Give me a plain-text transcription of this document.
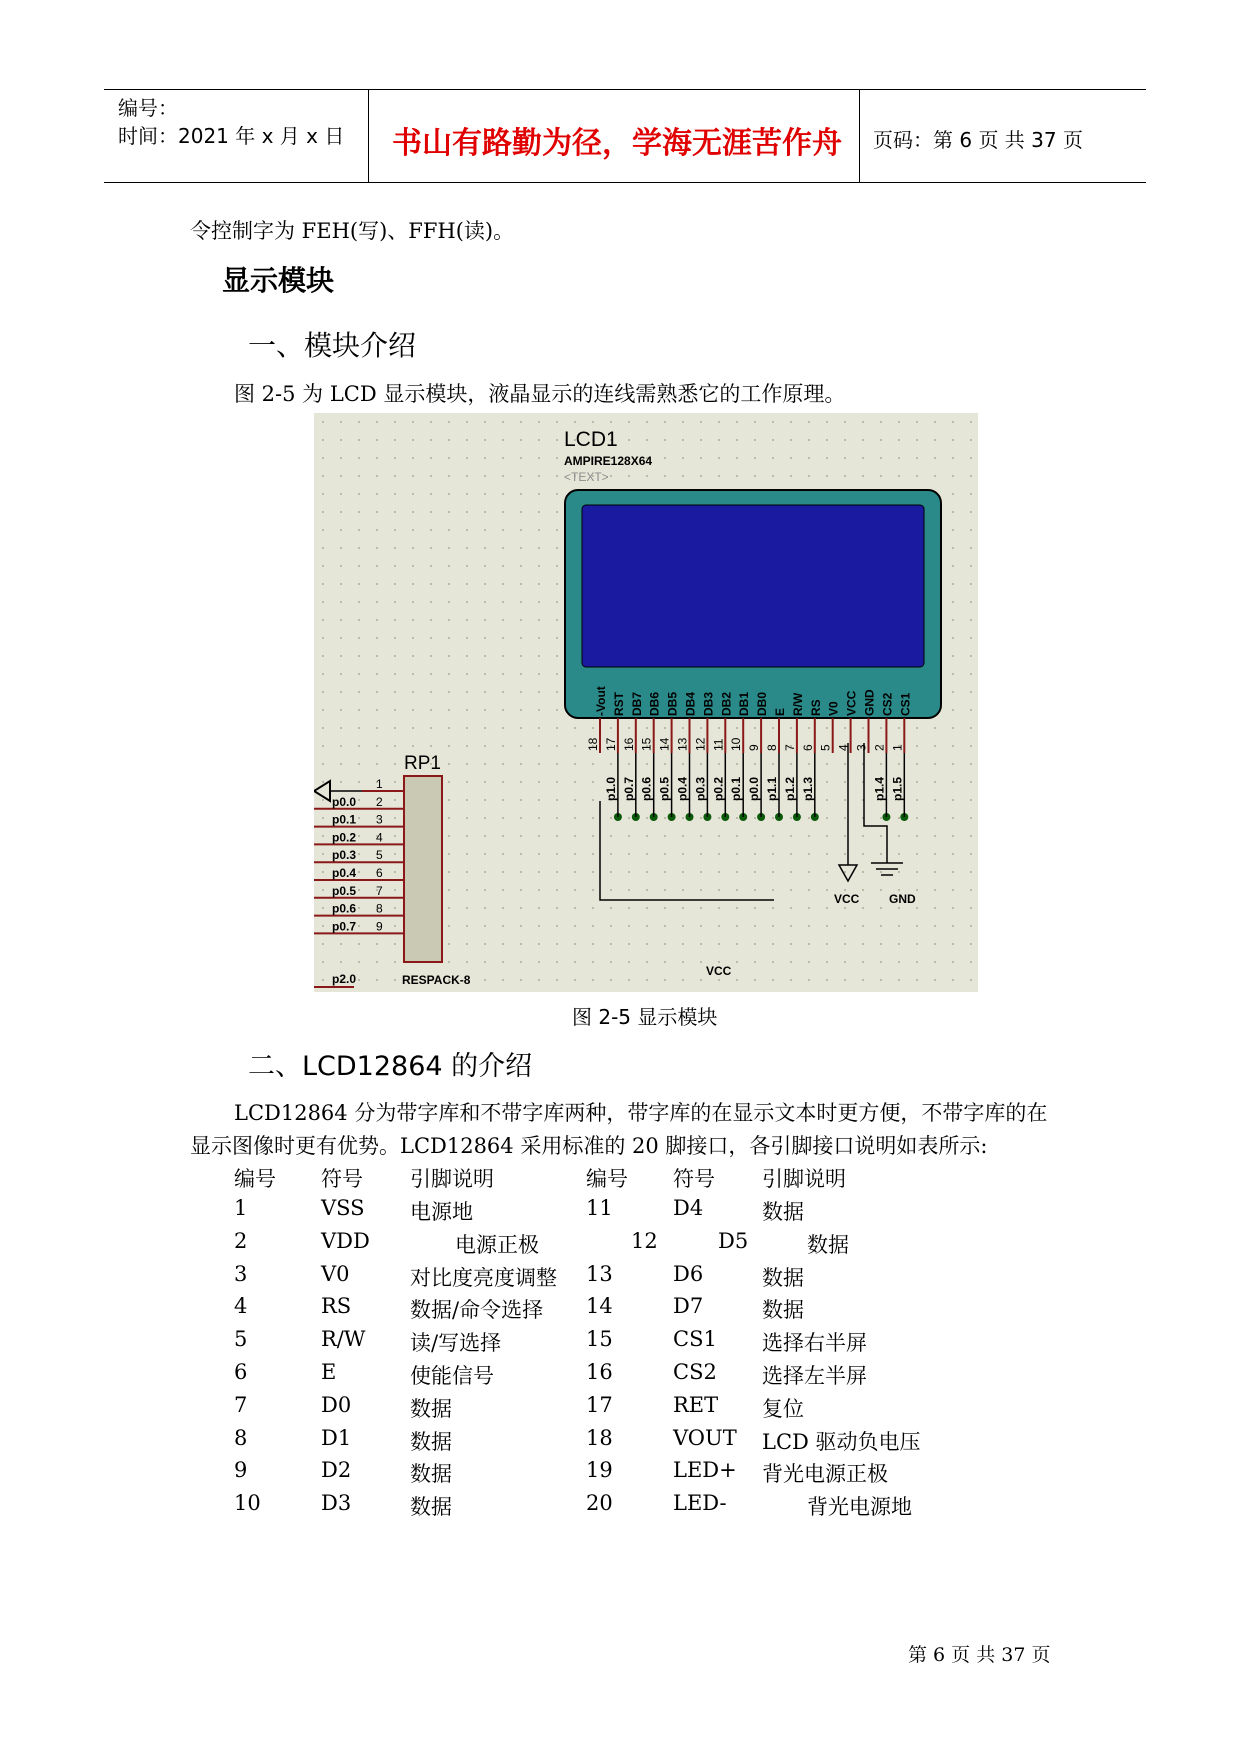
编号：
时间：2021 年 x 月 x 日 书山有路勤为径，学海无涯苦作舟 页码：第 6 页 共 37 页
令控制字为 FEH(写)、FFH(读)。
显示模块
一、模块介绍
图 2-5 为 LCD 显示模块，液晶显示的连线需熟悉它的工作原理。
LCD1
AMPIRE128X64
<TEXT>
-Vout RST DB7 DB6 DB5 DB4 DB3 DB2 DB1 DB0 E R/W RS V0 VCC GND CS2 CS1
18 17
p1.0
16
p0.7
15
p0.6
14
p0.5
13
p0.4
12
p0.3
11
p0.2
10
p0.1
9
p0.0
8
p1.1
7
p1.2
6
p1.3
5 4 3 2
p1.4
1
p1.5
VCC GND
RP1
RESPACK-8
1
2
p0.0
3
p0.1
4
p0.2
5
p0.3
6
p0.4
7
p0.5
8
p0.6
9
p0.7
p2.0
VCC
图 2-5 显示模块
二、LCD12864 的介绍
LCD12864 分为带字库和不带字库两种，带字库的在显示文本时更方便，不带字库的在
显示图像时更有优势。LCD12864 采用标准的 20 脚接口，各引脚接口说明如表所示:
编号 符号 引脚说明	编号 符号 引脚说明
1	VSS 电源地	11	D4	数据
2	VDD	电源正极	12	D5	数据
3	V0	对比度亮度调整 13	D6	数据
4	RS	数据/命令选择 14	D7	数据
5	R/W 读/写选择	15	CS1 选择右半屏
6	E	使能信号	16	CS2 选择左半屏
7	D0	数据	17	RET 复位
8	D1	数据	18	VOUT LCD 驱动负电压
9	D2	数据	19	LED+ 背光电源正极
10	D3	数据	20	LED-	背光电源地
第 6 页 共 37 页
